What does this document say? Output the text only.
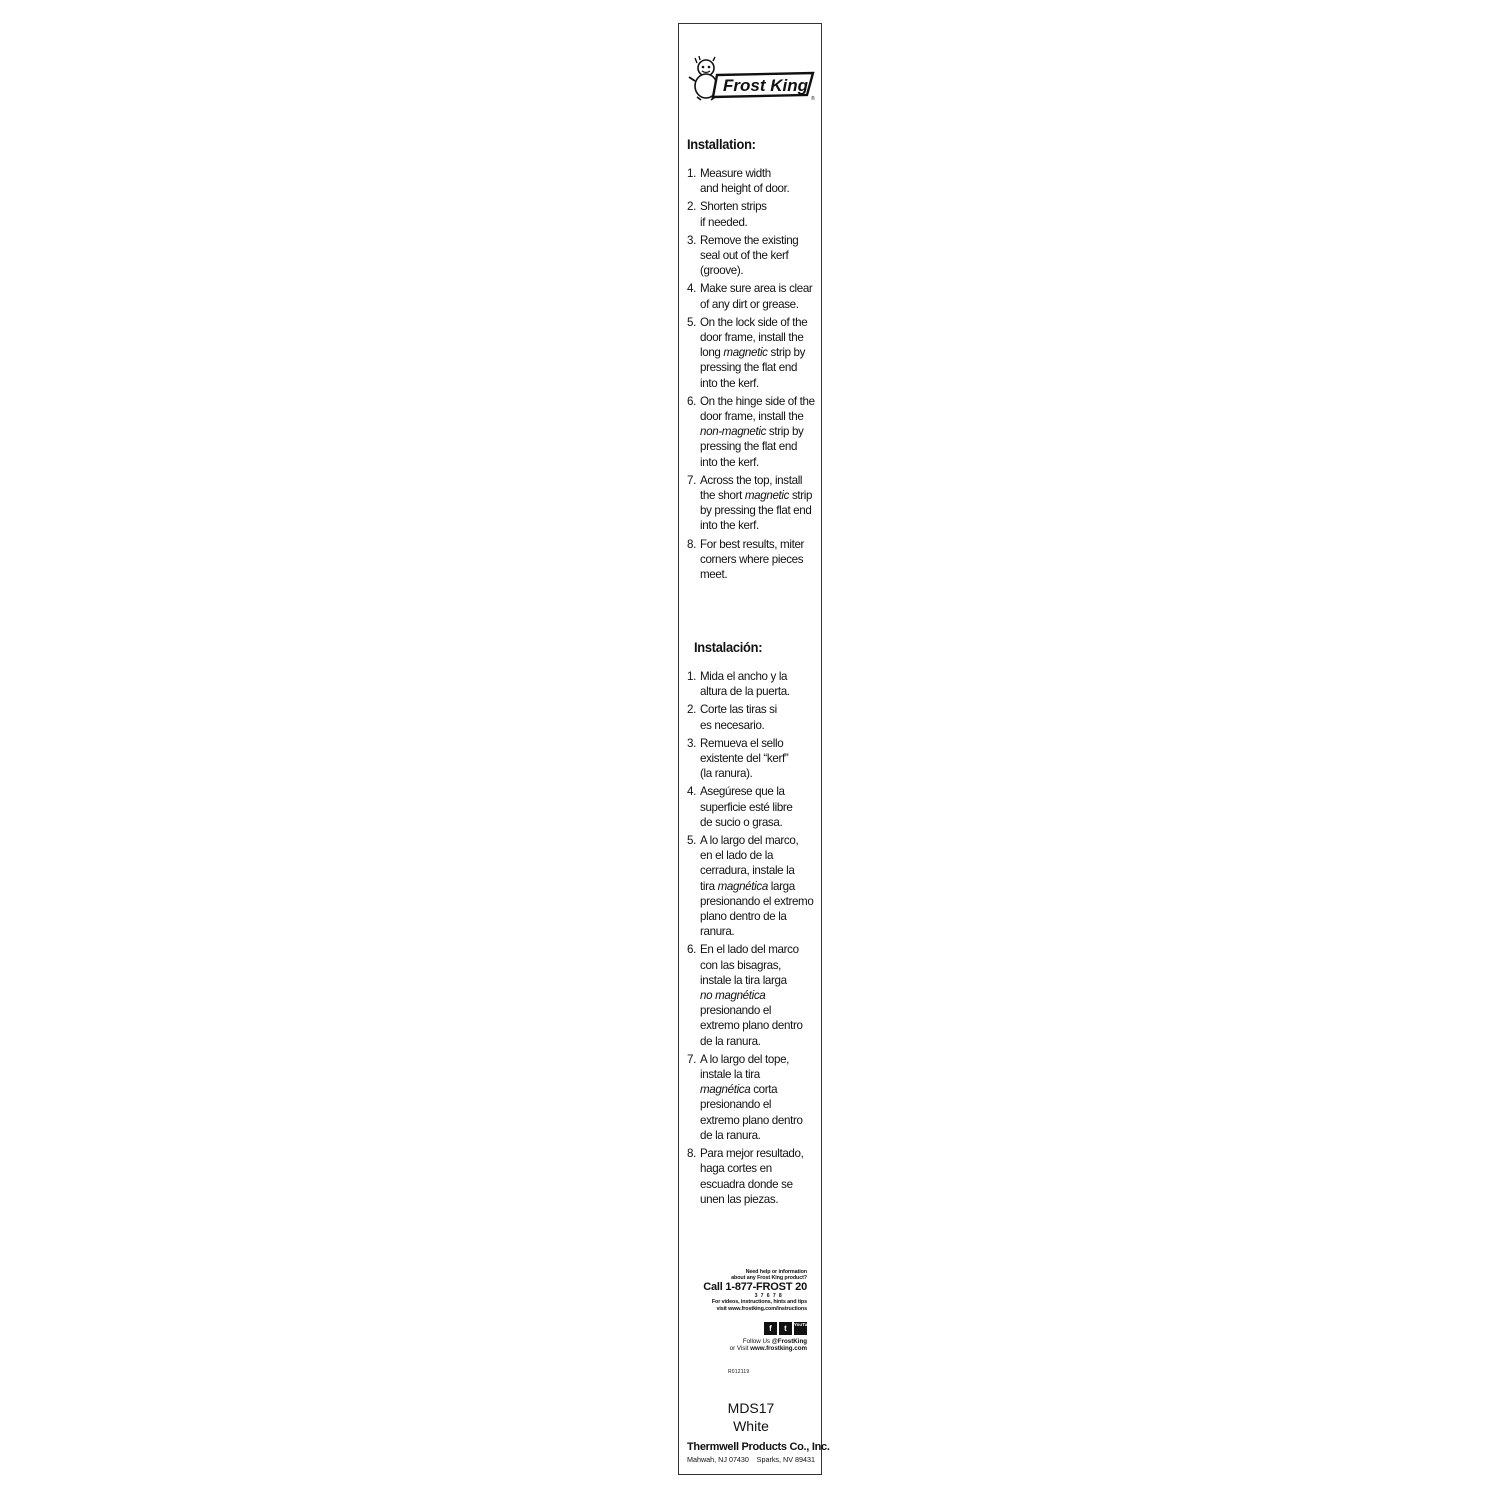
Frost King
®
Installation:
1. Measure width
and height of door.
2. Shorten strips
if needed.
3. Remove the existing
seal out of the kerf
(groove).
4. Make sure area is clear
of any dirt or grease.
5. On the lock side of the
door frame, install the
long magnetic strip by
pressing the flat end
into the kerf.
6. On the hinge side of the
door frame, install the
non-magnetic strip by
pressing the flat end
into the kerf.
7. Across the top, install
the short magnetic strip
by pressing the flat end
into the kerf.
8. For best results, miter
corners where pieces
meet.
Instalación:
1. Mida el ancho y la
altura de la puerta.
2. Corte las tiras si
es necesario.
3. Remueva el sello
existente del “kerf”
(la ranura).
4. Asegúrese que la
superficie esté libre
de sucio o grasa.
5. A lo largo del marco,
en el lado de la
cerradura, instale la
tira magnética larga
presionando el extremo
plano dentro de la
ranura.
6. En el lado del marco
con las bisagras,
instale la tira larga
no magnética
presionando el
extremo plano dentro
de la ranura.
7. A lo largo del tope,
instale la tira
magnética corta
presionando el
extremo plano dentro
de la ranura.
8. Para mejor resultado,
haga cortes en
escuadra donde se
unen las piezas.
Need help or information
about any Frost King product?
Call 1-877-FROST 20
37678
For videos, instructions, hints and tips
visit www.frostking.com/instructions
f	t	YouTube
Follow Us @FrostKing
or Visit www.frostking.com
R012119
MDS17
White
Thermwell Products Co., Inc.
Mahwah, NJ 07430 Sparks, NV 89431
